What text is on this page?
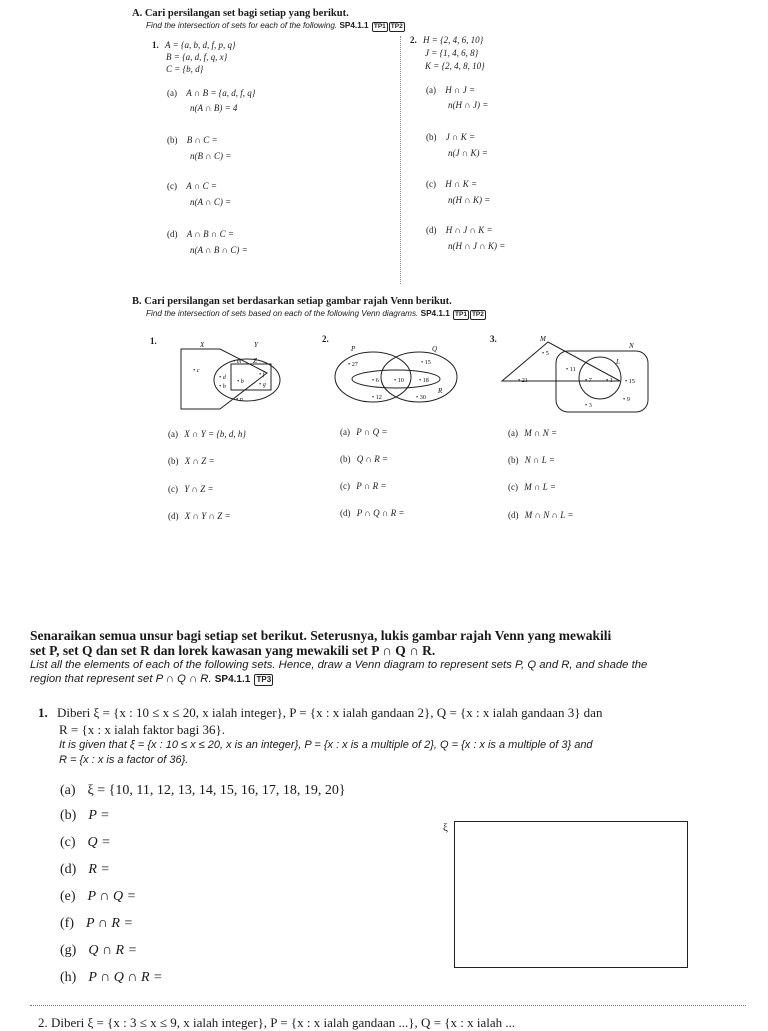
A. Cari persilangan set bagi setiap yang berikut.
Find the intersection of sets for each of the following. SP4.1.1 TP1 TP2
1. A = {a, b, d, f, p, q}
B = {a, d, f, q, x}
C = {b, d}
(a) A ∩ B = {a, d, f, q}
n(A ∩ B) = 4
(b) B ∩ C =
n(B ∩ C) =
(c) A ∩ C =
n(A ∩ C) =
(d) A ∩ B ∩ C =
n(A ∩ B ∩ C) =
2. H = {2, 4, 6, 10}
J = {1, 4, 6, 8}
K = {2, 4, 8, 10}
(a) H ∩ J =
n(H ∩ J) =
(b) J ∩ K =
n(J ∩ K) =
(c) H ∩ K =
n(H ∩ K) =
(d) H ∩ J ∩ K =
n(H ∩ J ∩ K) =
B. Cari persilangan set berdasarkan setiap gambar rajah Venn berikut.
Find the intersection of sets based on each of the following Venn diagrams. SP4.1.1 TP1 TP2
1.	2.	3.
X	Y
Z
• c
• m
• d
• h
• b
• f
• g
• n
P	Q
R
• 27	• 15
• 6 • 10 • 18
• 12	• 30
M
N
L
• 5
• 21
• 11
• 7 • 1 • 15
• 3
• 9
(a) X ∩ Y = {b, d, h}
(b) X ∩ Z =
(c) Y ∩ Z =
(d) X ∩ Y ∩ Z =
(a) P ∩ Q =
(b) Q ∩ R =
(c) P ∩ R =
(d) P ∩ Q ∩ R =
(a) M ∩ N =
(b) N ∩ L =
(c) M ∩ L =
(d) M ∩ N ∩ L =
Senaraikan semua unsur bagi setiap set berikut. Seterusnya, lukis gambar rajah Venn yang mewakili
set P, set Q dan set R dan lorek kawasan yang mewakili set P ∩ Q ∩ R.
List all the elements of each of the following sets. Hence, draw a Venn diagram to represent sets P, Q and R, and shade the
region that represent set P ∩ Q ∩ R. SP4.1.1 TP3
1. Diberi ξ = {x : 10 ≤ x ≤ 20, x ialah integer}, P = {x : x ialah gandaan 2}, Q = {x : x ialah gandaan 3} dan
R = {x : x ialah faktor bagi 36}.
It is given that ξ = {x : 10 ≤ x ≤ 20, x is an integer}, P = {x : x is a multiple of 2}, Q = {x : x is a multiple of 3} and
R = {x : x is a factor of 36}.
(a) ξ = {10, 11, 12, 13, 14, 15, 16, 17, 18, 19, 20}
(b) P =
(c) Q =
(d) R =
(e) P ∩ Q =
(f) P ∩ R =
(g) Q ∩ R =
(h) P ∩ Q ∩ R =
ξ
2. Diberi ξ = {x : 3 ≤ x ≤ 9, x ialah integer}, P = {x : x ialah gandaan ...}, Q = {x : x ialah ...
